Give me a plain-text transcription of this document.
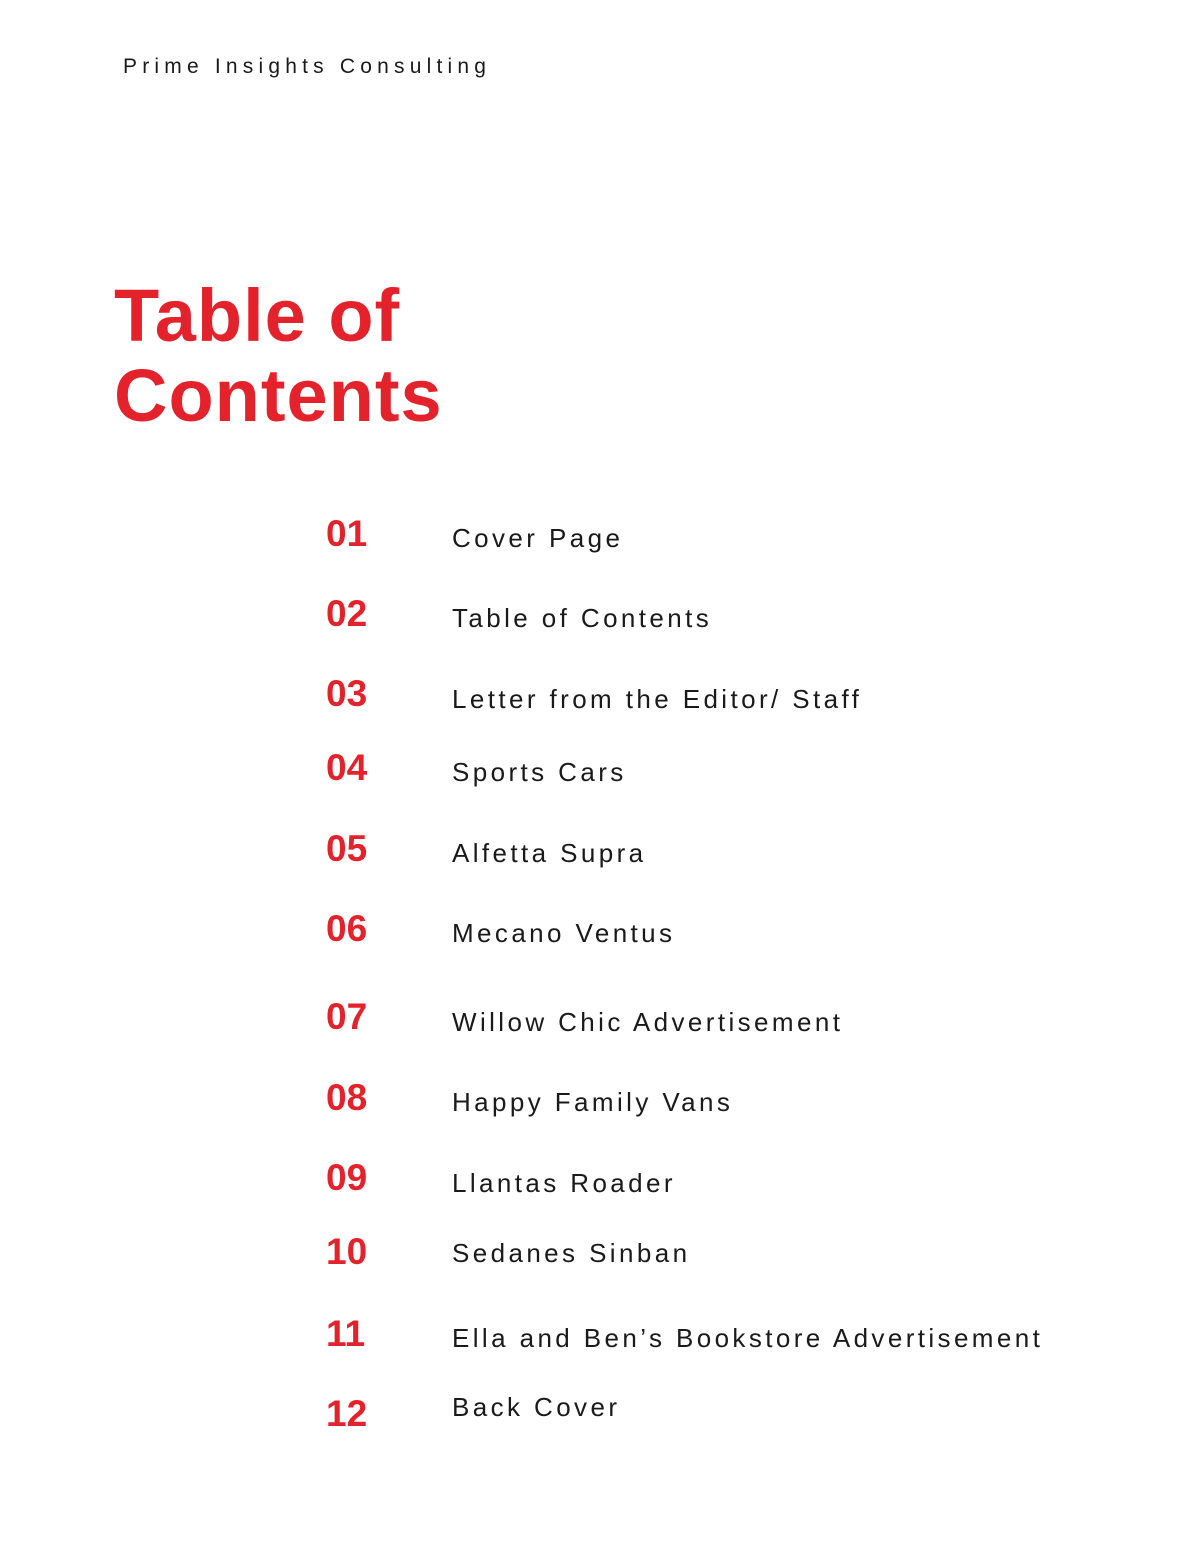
Prime Insights Consulting
Table of
Contents
01	Cover Page
02	Table of Contents
03	Letter from the Editor/ Staff
04	Sports Cars
05	Alfetta Supra
06	Mecano Ventus
07	Willow Chic Advertisement
08	Happy Family Vans
09	Llantas Roader
10	Sedanes Sinban
11	Ella and Ben’s Bookstore Advertisement
12	Back Cover
